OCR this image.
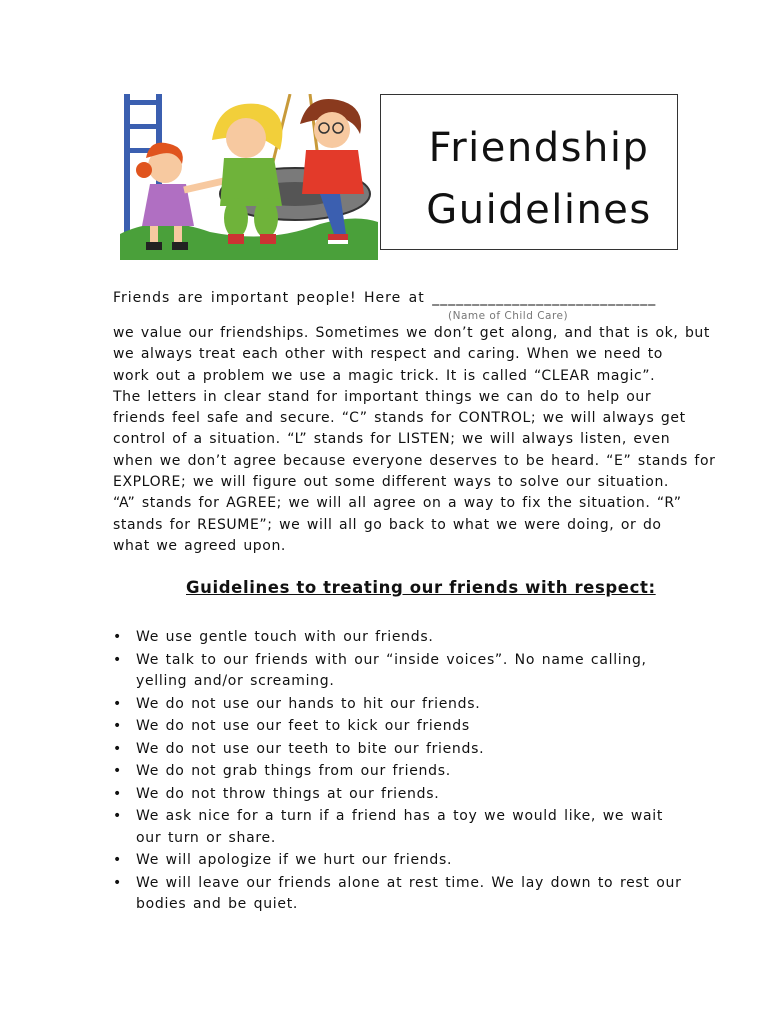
Friendship
Guidelines
Friends are important people! Here at ____________________________
(Name of Child Care)
we value our friendships. Sometimes we don’t get along, and that is ok, but
we always treat each other with respect and caring. When we need to
work out a problem we use a magic trick. It is called “CLEAR magic”.
The letters in clear stand for important things we can do to help our
friends feel safe and secure. “C” stands for CONTROL; we will always get
control of a situation. “L” stands for LISTEN; we will always listen, even
when we don’t agree because everyone deserves to be heard. “E” stands for
EXPLORE; we will figure out some different ways to solve our situation.
“A” stands for AGREE; we will all agree on a way to fix the situation. “R”
stands for RESUME”; we will all go back to what we were doing, or do
what we agreed upon.
Guidelines to treating our friends with respect:
• We use gentle touch with our friends.
• We talk to our friends with our “inside voices”. No name calling, yelling and/or screaming.
• We do not use our hands to hit our friends.
• We do not use our feet to kick our friends
• We do not use our teeth to bite our friends.
• We do not grab things from our friends.
• We do not throw things at our friends.
• We ask nice for a turn if a friend has a toy we would like, we wait our turn or share.
• We will apologize if we hurt our friends.
• We will leave our friends alone at rest time. We lay down to rest our bodies and be quiet.
